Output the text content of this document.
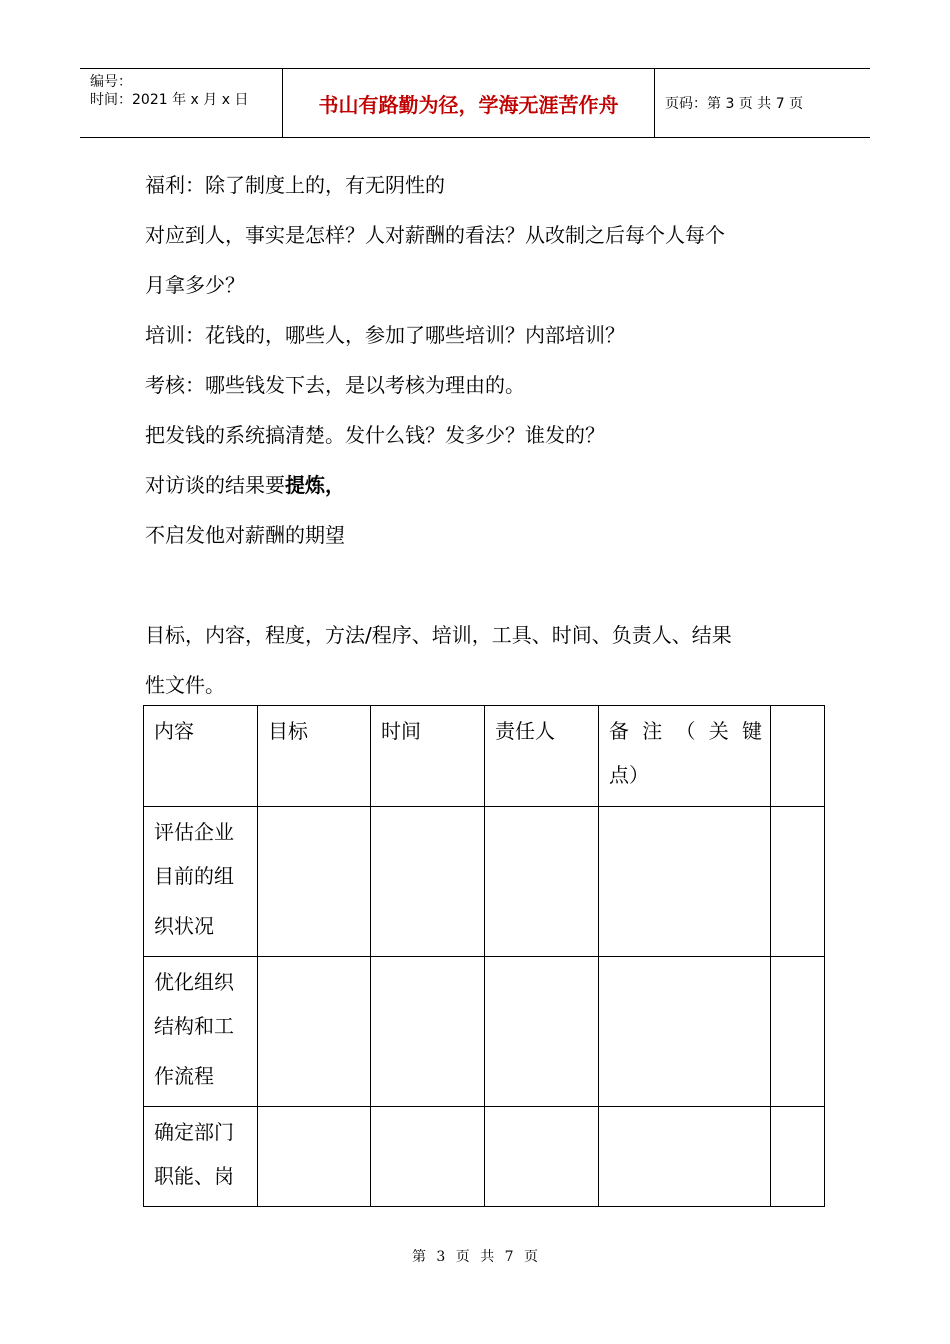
编号：
时间：2021 年 x 月 x 日	书山有路勤为径，学海无涯苦作舟	页码：第 3 页 共 7 页
福利：除了制度上的，有无阴性的
对应到人，事实是怎样？人对薪酬的看法？从改制之后每个人每个
月拿多少？
培训：花钱的，哪些人，参加了哪些培训？内部培训？
考核：哪些钱发下去，是以考核为理由的。
把发钱的系统搞清楚。发什么钱？发多少？谁发的？
对访谈的结果要提炼，
不启发他对薪酬的期望
目标，内容，程度，方法/程序、培训，工具、时间、负责人、结果
性文件。
内容	目标	时间	责任人	备注（关键
点）	

评估企业
目前的组
织状况					

优化组织
结构和工
作流程					

确定部门
职能、岗					

第 3 页 共 7 页
